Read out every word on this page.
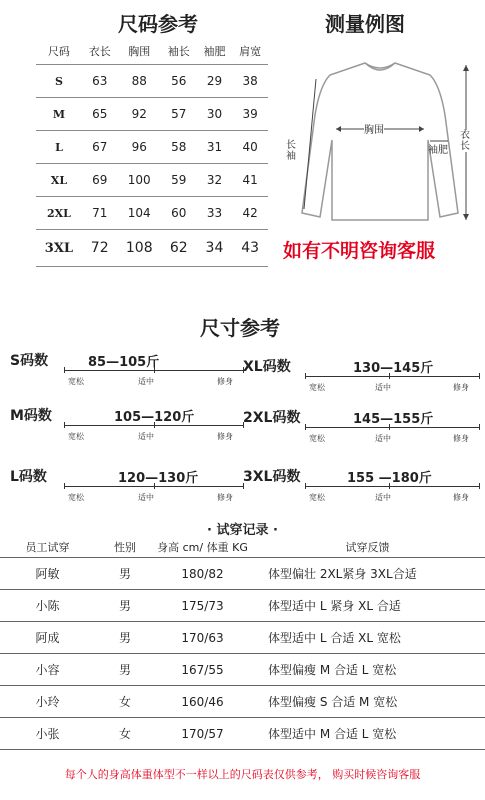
尺码参考
尺码	衣长	胸围	袖长	袖肥	肩宽
S	63	88	56	29	38
M	65	92	57	30	39
L	67	96	58	31	40
XL	69	100	59	32	41
2XL	71	104	60	33	42
3XL	72	108	62	34	43
测量例图
胸围
长袖
袖肥
衣长
如有不明咨询客服
尺寸参考
S码数	85—105斤
宽松	适中	修身
XL码数	130—145斤
宽松	适中	修身
M码数	105—120斤
宽松	适中	修身
2XL码数	145—155斤
宽松	适中	修身
L码数	120—130斤
宽松	适中	修身
3XL码数	155 —180斤
宽松	适中	修身
· 试穿记录 ·
员工试穿	性别	身高 cm/ 体重 KG	试穿反馈
阿敏	男	180/82	体型偏壮 2XL紧身 3XL合适
小陈	男	175/73	体型适中 L 紧身 XL 合适
阿成	男	170/63	体型适中 L 合适 XL 宽松
小容	男	167/55	体型偏瘦 M 合适 L 宽松
小玲	女	160/46	体型偏瘦 S 合适 M 宽松
小张	女	170/57	体型适中 M 合适 L 宽松
每个人的身高体重体型不一样以上的尺码表仅供参考， 购买时候咨询客服
